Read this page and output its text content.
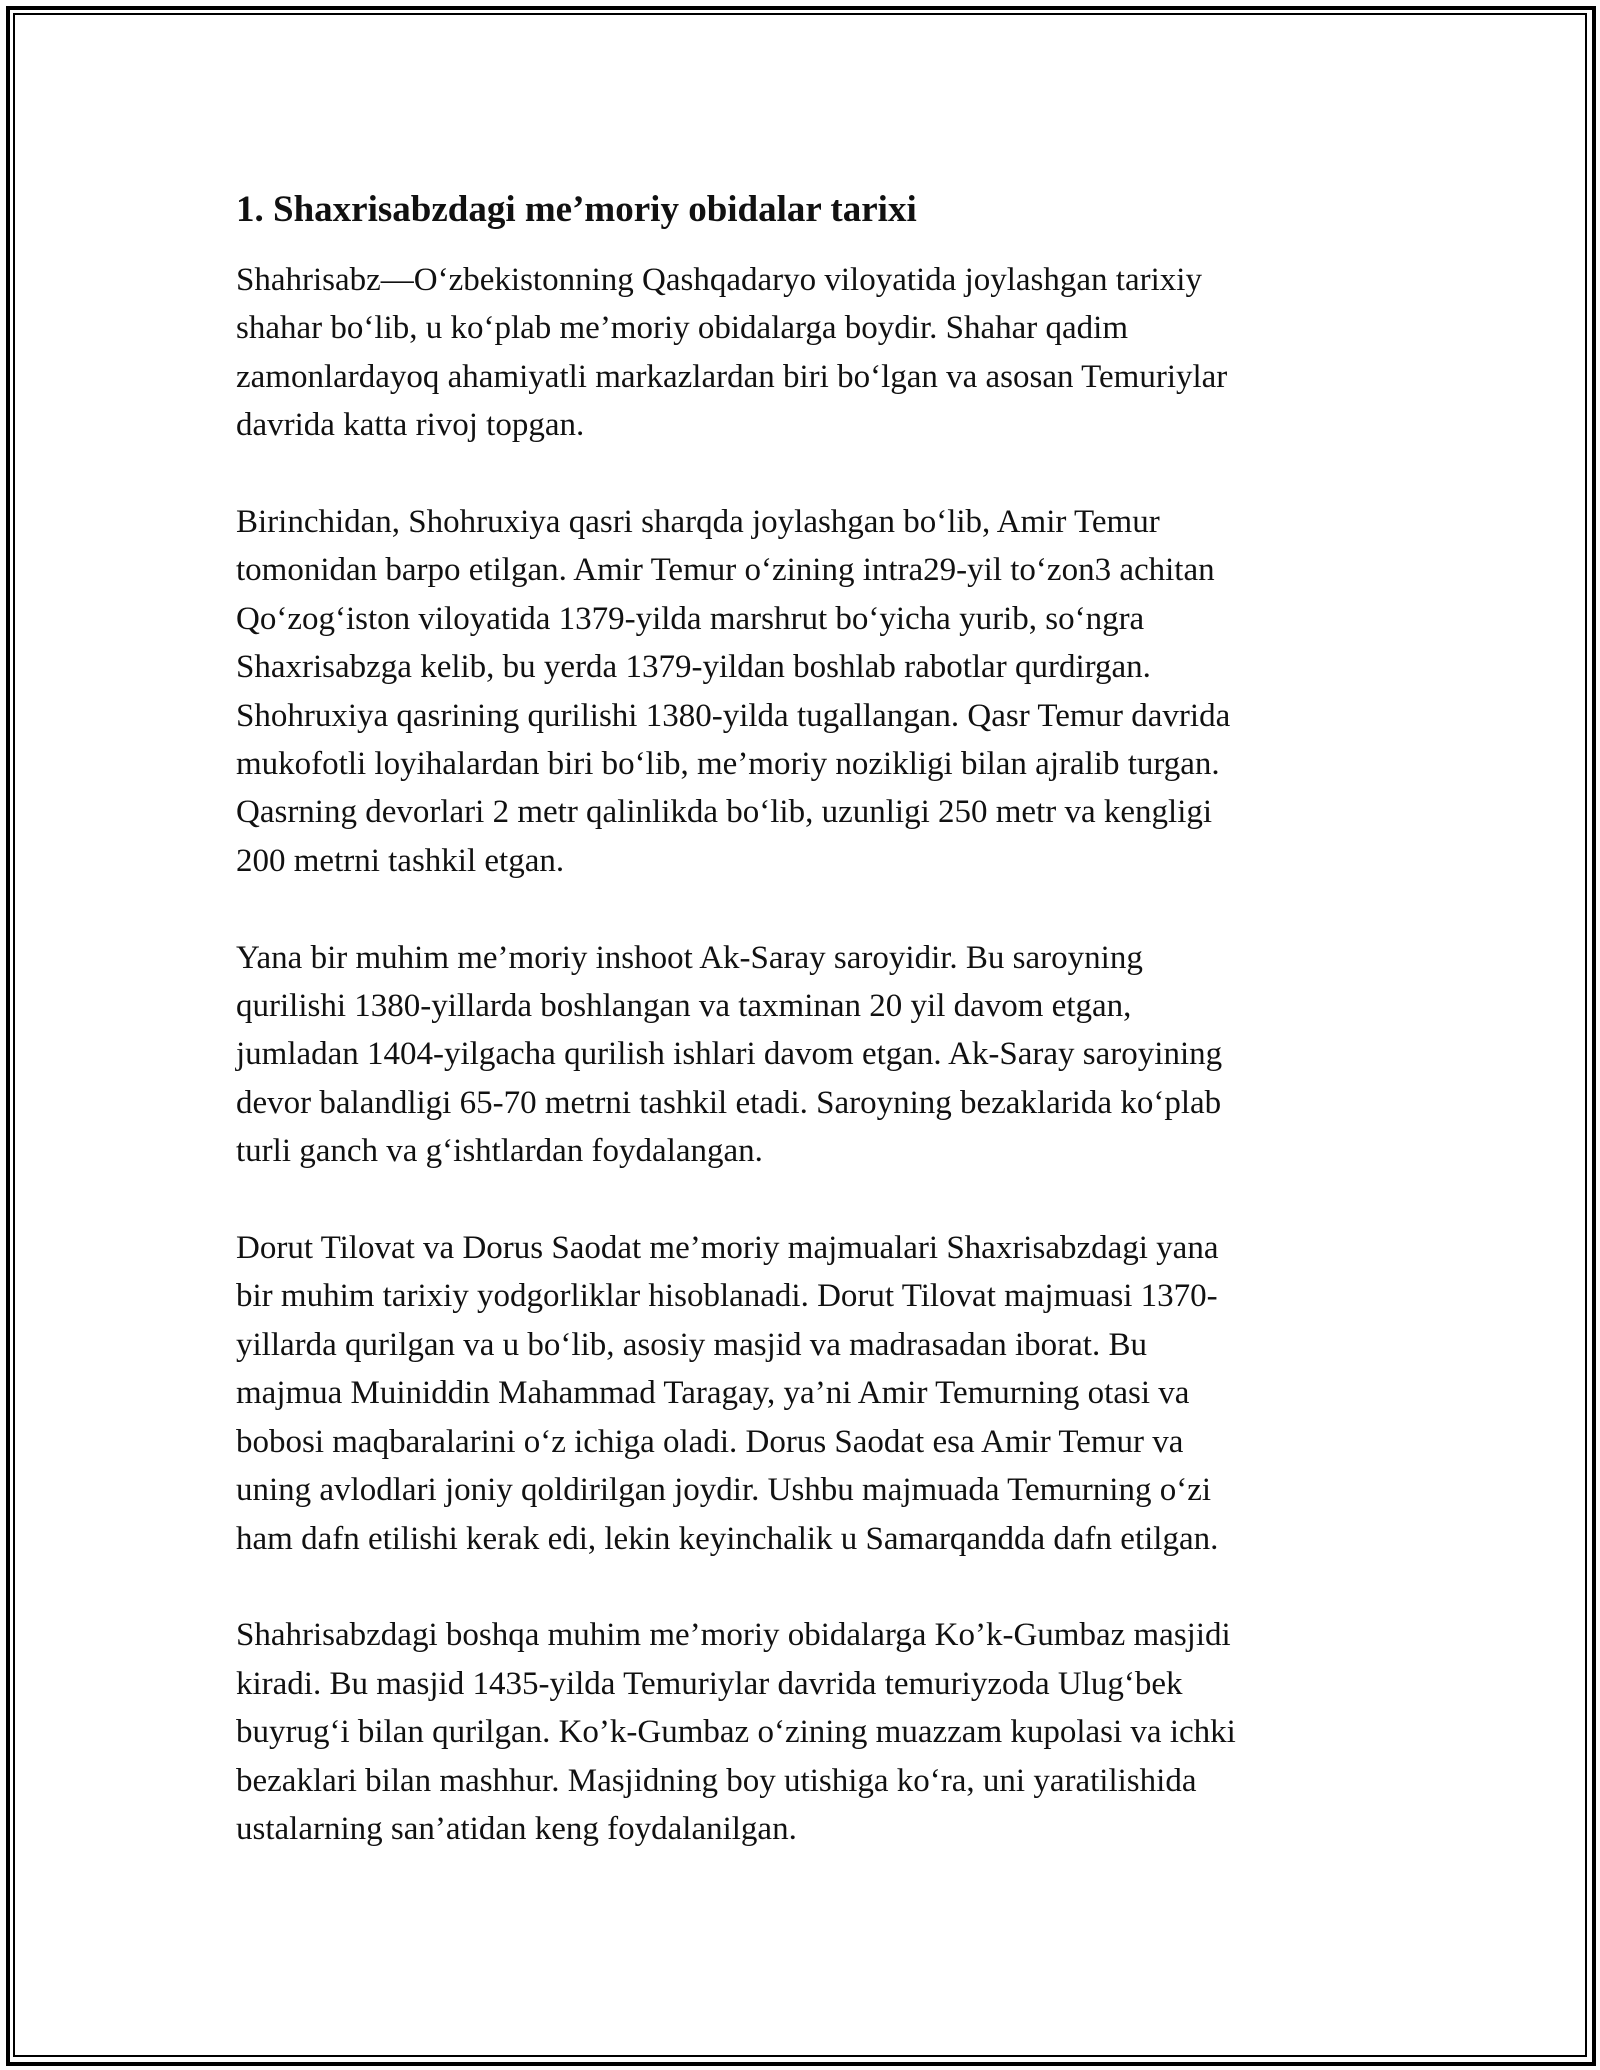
1. Shaxrisabzdagi me’moriy obidalar tarixi
Shahrisabz—O‘zbekistonning Qashqadaryo viloyatida joylashgan tarixiy
shahar bo‘lib, u ko‘plab me’moriy obidalarga boydir. Shahar qadim
zamonlardayoq ahamiyatli markazlardan biri bo‘lgan va asosan Temuriylar
davrida katta rivoj topgan.
Birinchidan, Shohruxiya qasri sharqda joylashgan bo‘lib, Amir Temur
tomonidan barpo etilgan. Amir Temur o‘zining intra29-yil to‘zon3 achitan
Qo‘zog‘iston viloyatida 1379-yilda marshrut bo‘yicha yurib, so‘ngra
Shaxrisabzga kelib, bu yerda 1379-yildan boshlab rabotlar qurdirgan.
Shohruxiya qasrining qurilishi 1380-yilda tugallangan. Qasr Temur davrida
mukofotli loyihalardan biri bo‘lib, me’moriy nozikligi bilan ajralib turgan.
Qasrning devorlari 2 metr qalinlikda bo‘lib, uzunligi 250 metr va kengligi
200 metrni tashkil etgan.
Yana bir muhim me’moriy inshoot Ak-Saray saroyidir. Bu saroyning
qurilishi 1380-yillarda boshlangan va taxminan 20 yil davom etgan,
jumladan 1404-yilgacha qurilish ishlari davom etgan. Ak-Saray saroyining
devor balandligi 65-70 metrni tashkil etadi. Saroyning bezaklarida ko‘plab
turli ganch va g‘ishtlardan foydalangan.
Dorut Tilovat va Dorus Saodat me’moriy majmualari Shaxrisabzdagi yana
bir muhim tarixiy yodgorliklar hisoblanadi. Dorut Tilovat majmuasi 1370-
yillarda qurilgan va u bo‘lib, asosiy masjid va madrasadan iborat. Bu
majmua Muiniddin Mahammad Taragay, ya’ni Amir Temurning otasi va
bobosi maqbaralarini o‘z ichiga oladi. Dorus Saodat esa Amir Temur va
uning avlodlari joniy qoldirilgan joydir. Ushbu majmuada Temurning o‘zi
ham dafn etilishi kerak edi, lekin keyinchalik u Samarqandda dafn etilgan.
Shahrisabzdagi boshqa muhim me’moriy obidalarga Ko’k-Gumbaz masjidi
kiradi. Bu masjid 1435-yilda Temuriylar davrida temuriyzoda Ulug‘bek
buyrug‘i bilan qurilgan. Ko’k-Gumbaz o‘zining muazzam kupolasi va ichki
bezaklari bilan mashhur. Masjidning boy utishiga ko‘ra, uni yaratilishida
ustalarning san’atidan keng foydalanilgan.
